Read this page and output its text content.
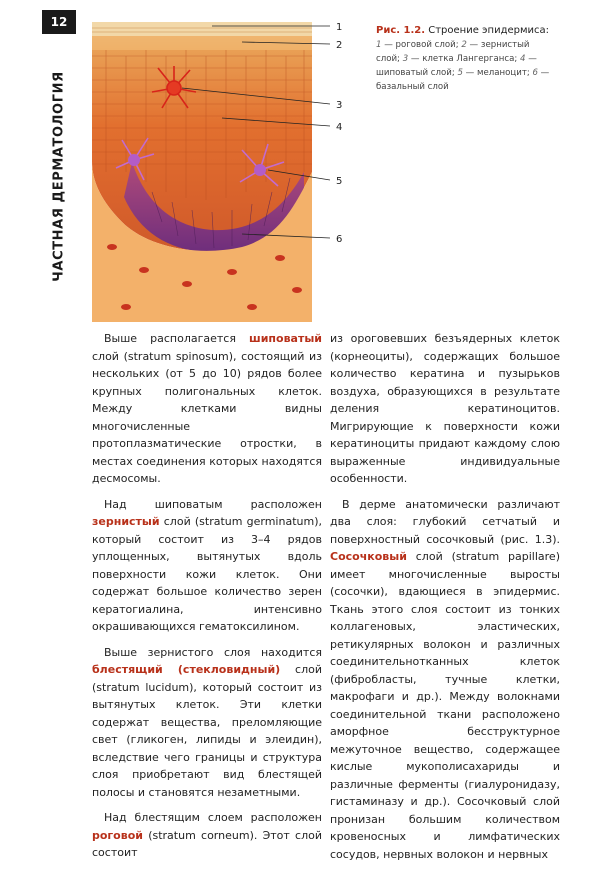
12
ЧАСТНАЯ ДЕРМАТОЛОГИЯ
1
2
3
4
5
6
Рис. 1.2. Строение эпидермиса:
1 — роговой слой; 2 — зернистый слой; 3 — клетка Лангерганса; 4 — шиповатый слой; 5 — меланоцит; 6 — базальный слой

Выше располагается шиповатый слой (stratum spinosum), состоящий из нескольких (от 5 до 10) рядов более крупных полигональных клеток. Между клетками видны многочисленные протоплазматические отростки, в местах соединения которых находятся десмосомы.

Над шиповатым расположен зернистый слой (stratum germinatum), который состоит из 3–4 рядов уплощенных, вытянутых вдоль поверхности кожи клеток. Они содержат большое количество зерен кератогиалина, интенсивно окрашивающихся гематоксилином.

Выше зернистого слоя находится блестящий (стекловидный) слой (stratum lucidum), который состоит из вытянутых клеток. Эти клетки содержат вещества, преломляющие свет (гликоген, липиды и элеидин), вследствие чего границы и структура слоя приобретают вид блестящей полосы и становятся незаметными.

Над блестящим слоем расположен роговой (stratum corneum). Этот слой состоит

из ороговевших безъядерных клеток (корнеоциты), содержащих большое количество кератина и пузырьков воздуха, образующихся в результате деления кератиноцитов. Мигрирующие к поверхности кожи кератиноциты придают каждому слою выраженные индивидуальные особенности.

В дерме анатомически различают два слоя: глубокий сетчатый и поверхностный сосочковый (рис. 1.3). Сосочковый слой (stratum papillare) имеет многочисленные выросты (сосочки), вдающиеся в эпидермис. Ткань этого слоя состоит из тонких коллагеновых, эластических, ретикулярных волокон и различных соединительнотканных клеток (фибробласты, тучные клетки, макрофаги и др.). Между волокнами соединительной ткани расположено аморфное бесструктурное межуточное вещество, содержащее кислые мукополисахариды и различные ферменты (гиалуронидазу, гистаминазу и др.). Сосочковый слой пронизан большим количеством кровеносных и лимфатических сосудов, нервных волокон и нервных
